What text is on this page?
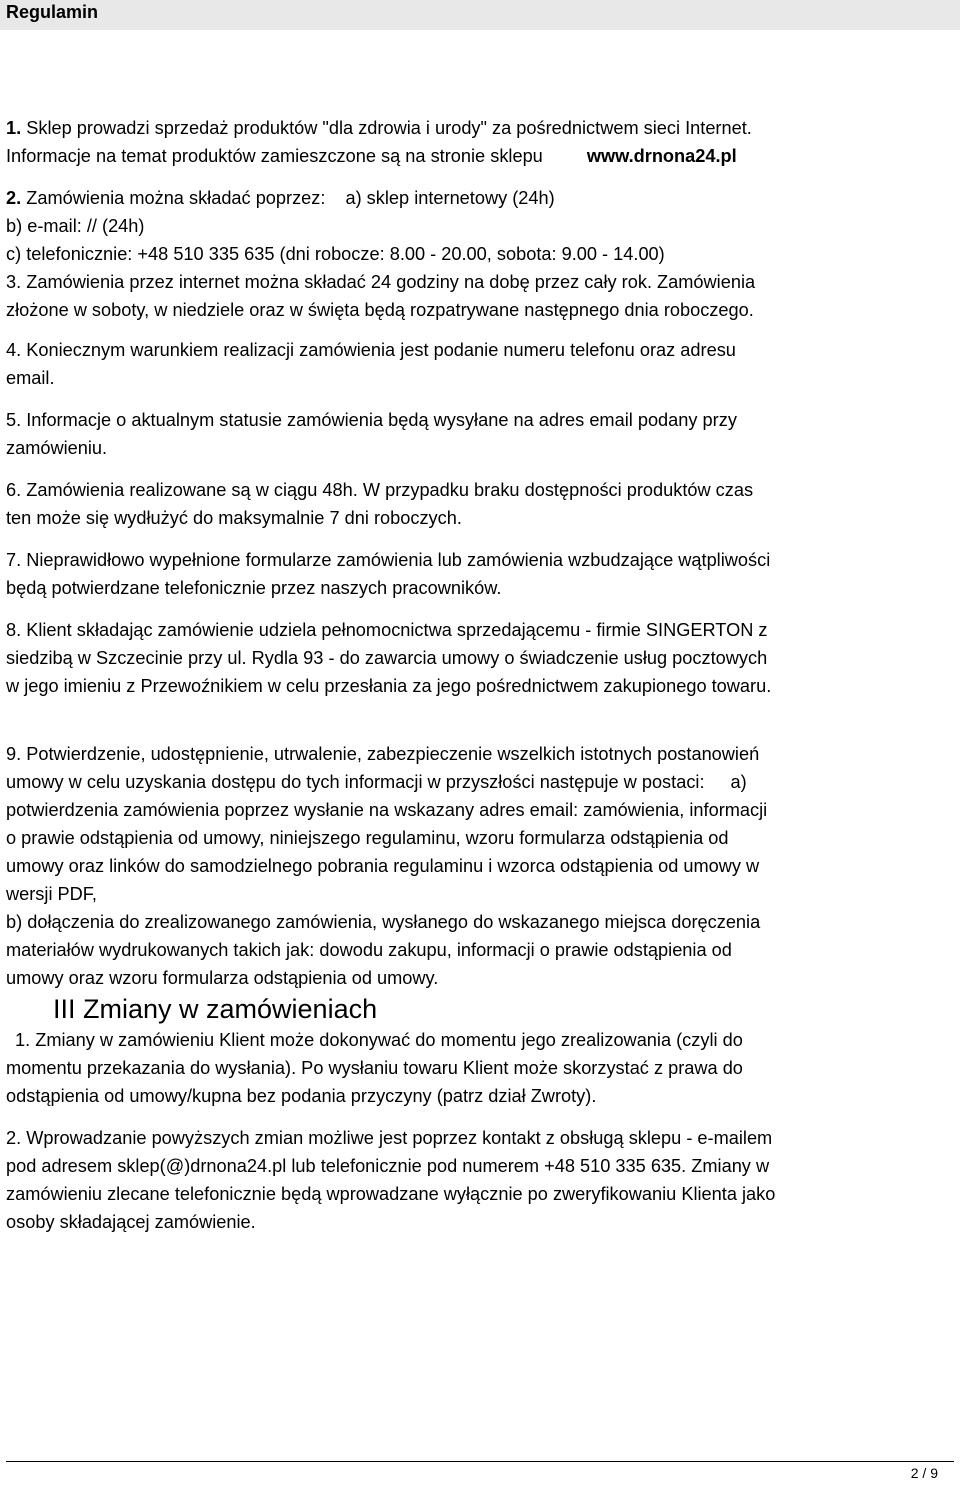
Regulamin

1. Sklep prowadzi sprzedaż produktów "dla zdrowia i urody" za pośrednictwem sieci Internet.

Informacje na temat produktów zamieszczone są na stronie sklepu www.drnona24.pl

2. Zamówienia można składać poprzez: a) sklep internetowy (24h)

b) e-mail: // (24h)

c) telefonicznie: +48 510 335 635 (dni robocze: 8.00 - 20.00, sobota: 9.00 - 14.00)

3. Zamówienia przez internet można składać 24 godziny na dobę przez cały rok. Zamówienia

złożone w soboty, w niedziele oraz w święta będą rozpatrywane następnego dnia roboczego.

4. Koniecznym warunkiem realizacji zamówienia jest podanie numeru telefonu oraz adresu

email.

5. Informacje o aktualnym statusie zamówienia będą wysyłane na adres email podany przy

zamówieniu.

6. Zamówienia realizowane są w ciągu 48h. W przypadku braku dostępności produktów czas

ten może się wydłużyć do maksymalnie 7 dni roboczych.

7. Nieprawidłowo wypełnione formularze zamówienia lub zamówienia wzbudzające wątpliwości

będą potwierdzane telefonicznie przez naszych pracowników.

8. Klient składając zamówienie udziela pełnomocnictwa sprzedającemu - firmie SINGERTON z

siedzibą w Szczecinie przy ul. Rydla 93 - do zawarcia umowy o świadczenie usług pocztowych

w jego imieniu z Przewoźnikiem w celu przesłania za jego pośrednictwem zakupionego towaru.

9. Potwierdzenie, udostępnienie, utrwalenie, zabezpieczenie wszelkich istotnych postanowień

umowy w celu uzyskania dostępu do tych informacji w przyszłości następuje w postaci: a)

potwierdzenia zamówienia poprzez wysłanie na wskazany adres email: zamówienia, informacji

o prawie odstąpienia od umowy, niniejszego regulaminu, wzoru formularza odstąpienia od

umowy oraz linków do samodzielnego pobrania regulaminu i wzorca odstąpienia od umowy w

wersji PDF,

b) dołączenia do zrealizowanego zamówienia, wysłanego do wskazanego miejsca doręczenia

materiałów wydrukowanych takich jak: dowodu zakupu, informacji o prawie odstąpienia od

umowy oraz wzoru formularza odstąpienia od umowy.

III Zmiany w zamówieniach

1. Zmiany w zamówieniu Klient może dokonywać do momentu jego zrealizowania (czyli do

momentu przekazania do wysłania). Po wysłaniu towaru Klient może skorzystać z prawa do

odstąpienia od umowy/kupna bez podania przyczyny (patrz dział Zwroty).

2. Wprowadzanie powyższych zmian możliwe jest poprzez kontakt z obsługą sklepu - e-mailem

pod adresem sklep(@)drnona24.pl lub telefonicznie pod numerem +48 510 335 635. Zmiany w

zamówieniu zlecane telefonicznie będą wprowadzane wyłącznie po zweryfikowaniu Klienta jako

osoby składającej zamówienie.

2 / 9
